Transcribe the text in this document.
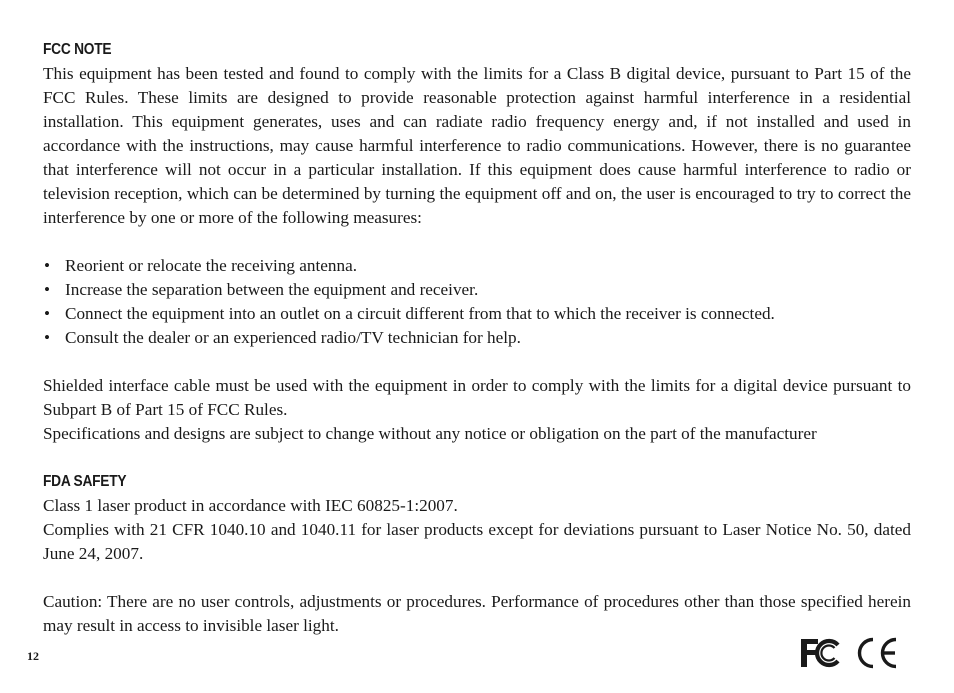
FCC NOTE

This equipment has been tested and found to comply with the limits for a Class B digital device, pursuant to Part 15 of the FCC Rules. These limits are designed to provide reasonable protection against harmful interference in a residential installation. This equipment generates, uses and can radiate radio frequency energy and, if not installed and used in accordance with the instructions, may cause harmful interference to radio communications. However, there is no guarantee that interference will not occur in a particular installation. If this equipment does cause harmful interference to radio or television reception, which can be determined by turning the equipment off and on, the user is encouraged to try to correct the interference by one or more of the following measures:

• Reorient or relocate the receiving antenna.
• Increase the separation between the equipment and receiver.
• Connect the equipment into an outlet on a circuit different from that to which the receiver is connected.
• Consult the dealer or an experienced radio/TV technician for help.

Shielded interface cable must be used with the equipment in order to comply with the limits for a digital device pursuant to Subpart B of Part 15 of FCC Rules.

Specifications and designs are subject to change without any notice or obligation on the part of the manufacturer

FDA SAFETY

Class 1 laser product in accordance with IEC 60825-1:2007.

Complies with 21 CFR 1040.10 and 1040.11 for laser products except for deviations pursuant to Laser Notice No. 50, dated June 24, 2007.

Caution: There are no user controls, adjustments or procedures. Performance of procedures other than those specified herein may result in access to invisible laser light.

12
